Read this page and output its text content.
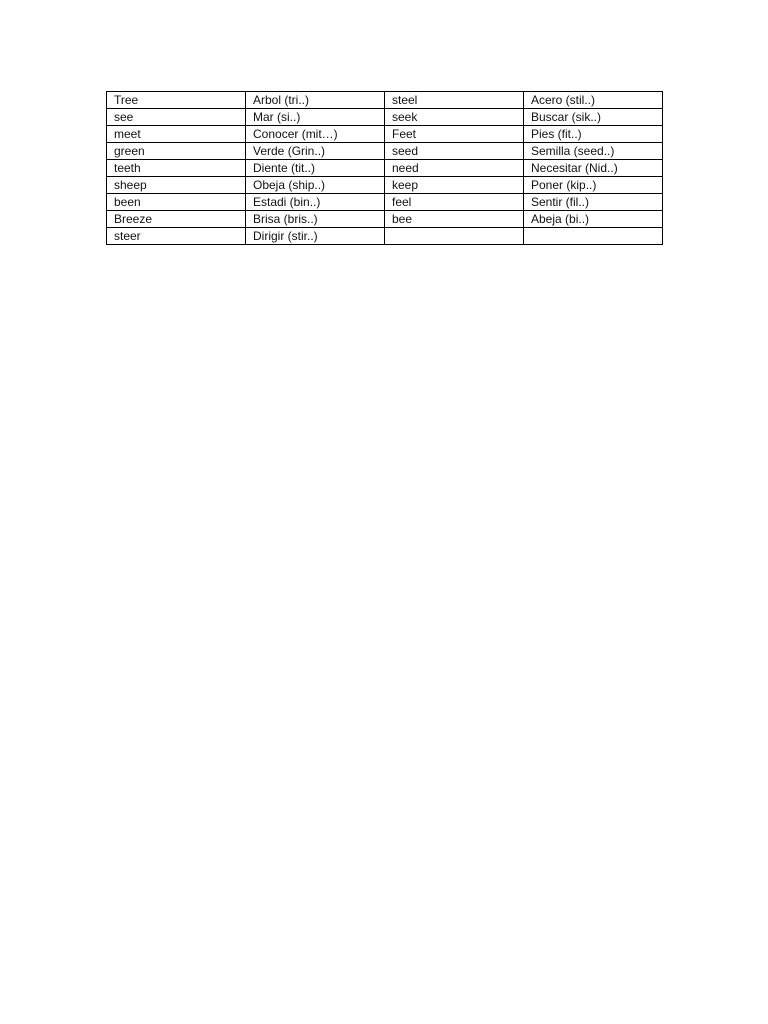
Tree	Arbol (tri..)	steel	Acero (stil..)
see	Mar (si..)	seek	Buscar (sik..)
meet	Conocer (mit…)	Feet	Pies (fit..)
green	Verde (Grin..)	seed	Semilla (seed..)
teeth	Diente (tit..)	need	Necesitar (Nid..)
sheep	Obeja (ship..)	keep	Poner (kip..)
been	Estadi (bin..)	feel	Sentir (fil..)
Breeze	Brisa (bris..)	bee	Abeja (bi..)
steer	Dirigir (stir..)		
